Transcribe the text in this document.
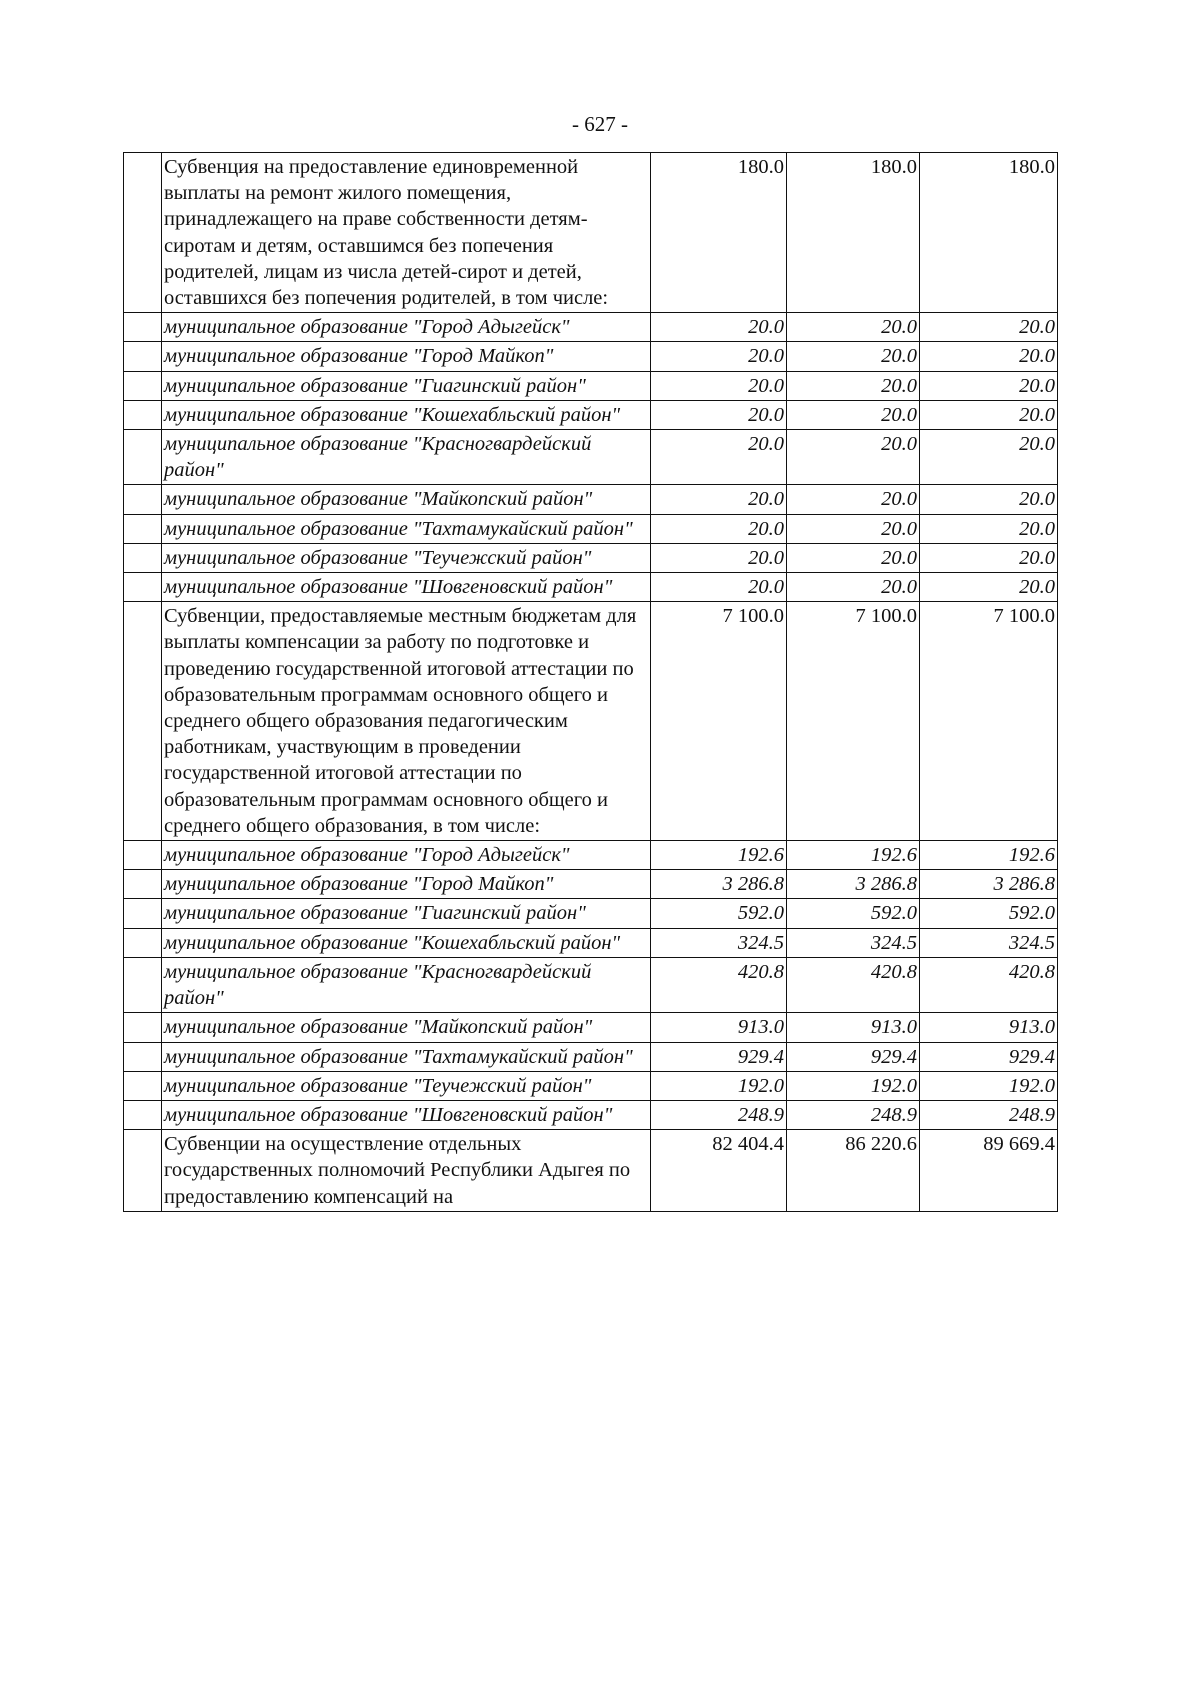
- 627 -
	Субвенция на предоставление единовременной выплаты на ремонт жилого помещения, принадлежащего на праве собственности детям-сиротам и детям, оставшимся без попечения родителей, лицам из числа детей-сирот и детей, оставшихся без попечения родителей, в том числе:	180.0	180.0	180.0
	муниципальное образование "Город Адыгейск"	20.0	20.0	20.0
	муниципальное образование "Город Майкоп"	20.0	20.0	20.0
	муниципальное образование "Гиагинский район"	20.0	20.0	20.0
	муниципальное образование "Кошехабльский район"	20.0	20.0	20.0
	муниципальное образование "Красногвардейский район"	20.0	20.0	20.0
	муниципальное образование "Майкопский район"	20.0	20.0	20.0
	муниципальное образование "Тахтамукайский район"	20.0	20.0	20.0
	муниципальное образование "Теучежский район"	20.0	20.0	20.0
	муниципальное образование "Шовгеновский район"	20.0	20.0	20.0
	Субвенции, предоставляемые местным бюджетам для выплаты компенсации за работу по подготовке и проведению государственной итоговой аттестации по образовательным программам основного общего и среднего общего образования педагогическим работникам, участвующим в проведении государственной итоговой аттестации по образовательным программам основного общего и среднего общего образования, в том числе:	7 100.0	7 100.0	7 100.0
	муниципальное образование "Город Адыгейск"	192.6	192.6	192.6
	муниципальное образование "Город Майкоп"	3 286.8	3 286.8	3 286.8
	муниципальное образование "Гиагинский район"	592.0	592.0	592.0
	муниципальное образование "Кошехабльский район"	324.5	324.5	324.5
	муниципальное образование "Красногвардейский район"	420.8	420.8	420.8
	муниципальное образование "Майкопский район"	913.0	913.0	913.0
	муниципальное образование "Тахтамукайский район"	929.4	929.4	929.4
	муниципальное образование "Теучежский район"	192.0	192.0	192.0
	муниципальное образование "Шовгеновский район"	248.9	248.9	248.9
	Субвенции на осуществление отдельных государственных полномочий Республики Адыгея по предоставлению компенсаций на	82 404.4	86 220.6	89 669.4
